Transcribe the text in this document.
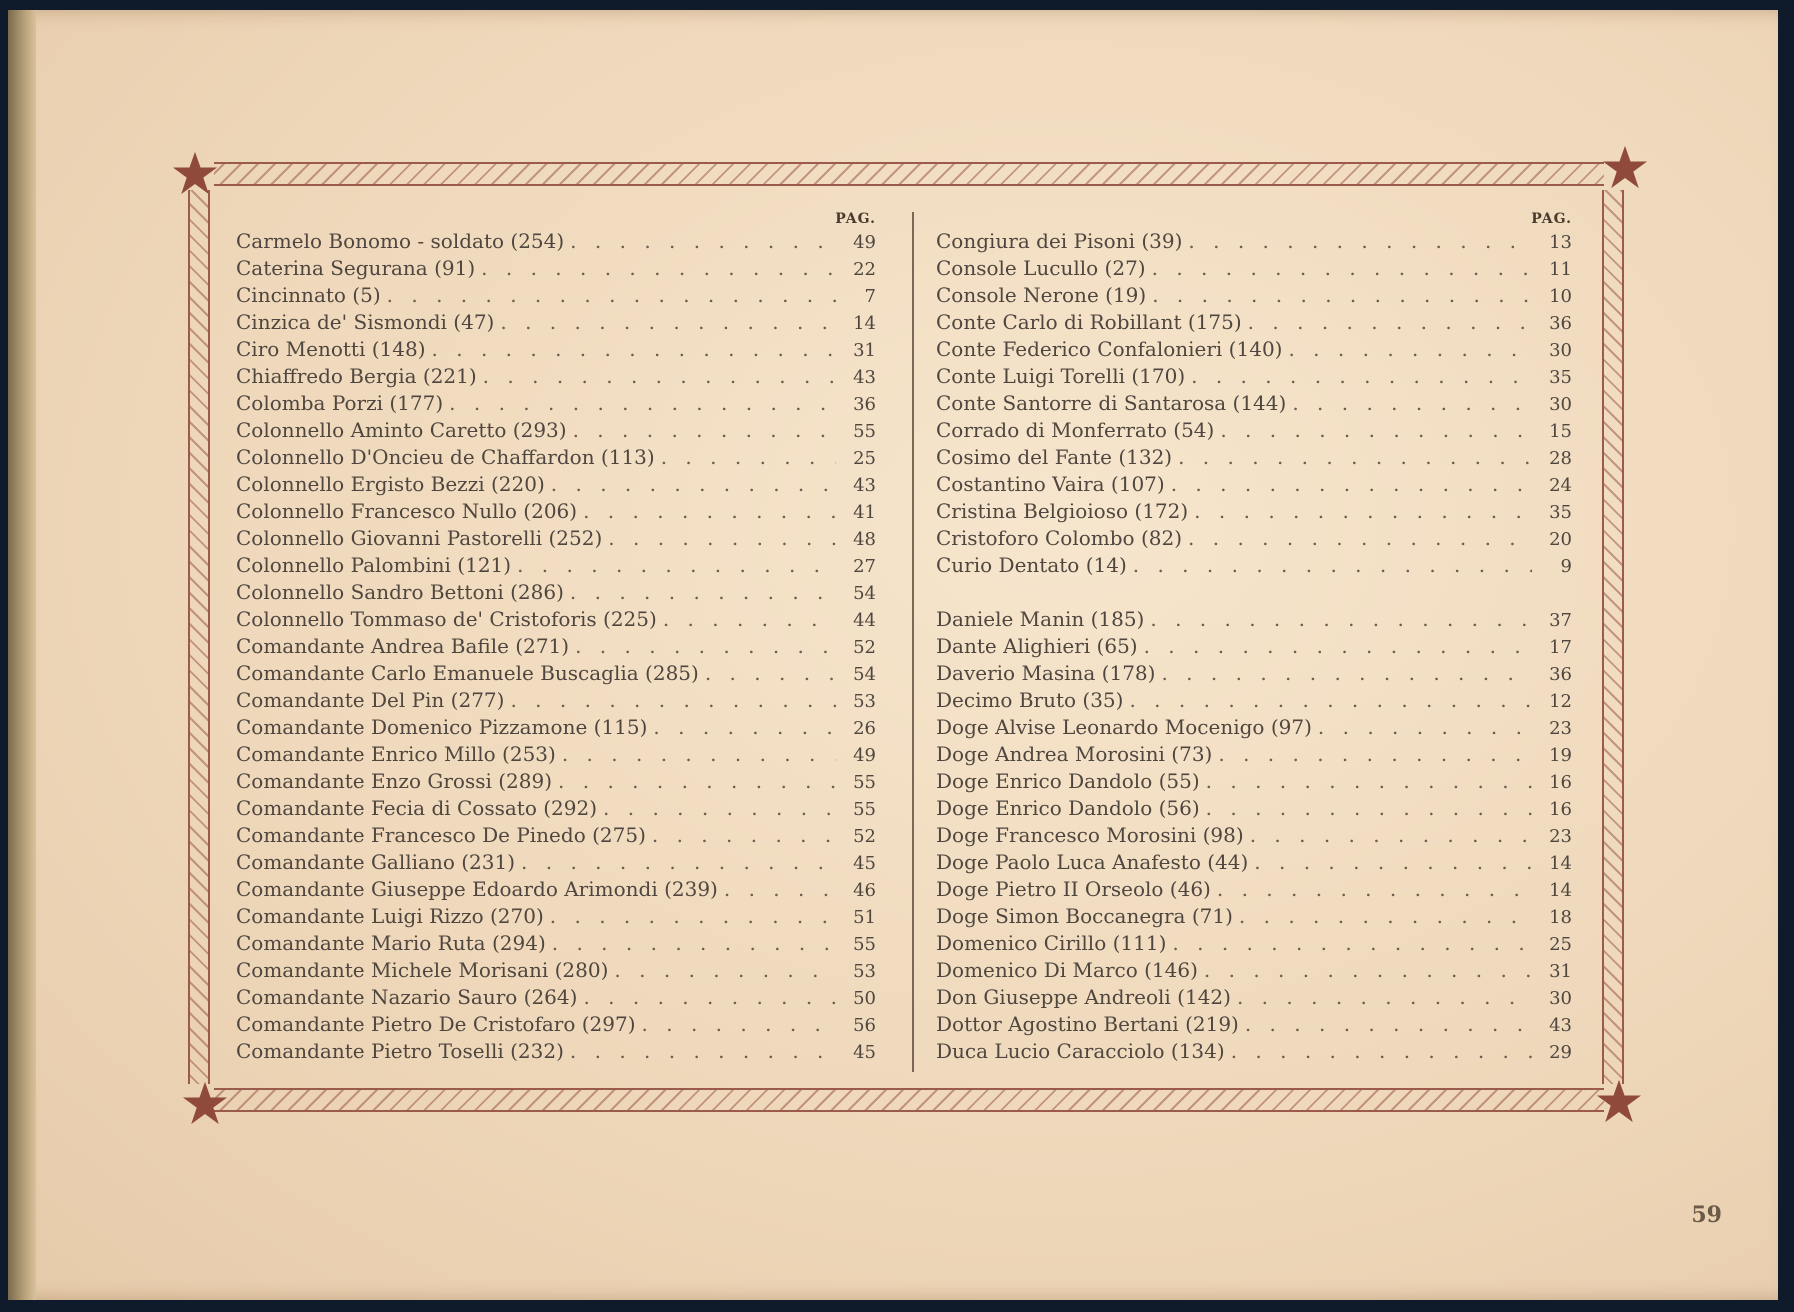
PAG.
Carmelo Bonomo - soldato (254) . . .	49
Caterina Segurana (91) . . .	22
Cincinnato (5) . . .	7
Cinzica de' Sismondi (47) . . .	14
Ciro Menotti (148) . . .	31
Chiaffredo Bergia (221) . . .	43
Colomba Porzi (177) . . .	36
Colonnello Aminto Caretto (293) . . .	55
Colonnello D'Oncieu de Chaffardon (113) . . .	25
Colonnello Ergisto Bezzi (220) . . .	43
Colonnello Francesco Nullo (206) . . .	41
Colonnello Giovanni Pastorelli (252) . . .	48
Colonnello Palombini (121) . . .	27
Colonnello Sandro Bettoni (286) . . .	54
Colonnello Tommaso de' Cristoforis (225) . . .	44
Comandante Andrea Bafile (271) . . .	52
Comandante Carlo Emanuele Buscaglia (285) . . .	54
Comandante Del Pin (277) . . .	53
Comandante Domenico Pizzamone (115) . . .	26
Comandante Enrico Millo (253) . . .	49
Comandante Enzo Grossi (289) . . .	55
Comandante Fecia di Cossato (292) . . .	55
Comandante Francesco De Pinedo (275) . . .	52
Comandante Galliano (231) . . .	45
Comandante Giuseppe Edoardo Arimondi (239) . . .	46
Comandante Luigi Rizzo (270) . . .	51
Comandante Mario Ruta (294) . . .	55
Comandante Michele Morisani (280) . . .	53
Comandante Nazario Sauro (264) . . .	50
Comandante Pietro De Cristofaro (297) . . .	56
Comandante Pietro Toselli (232) . . .	45
PAG.
Congiura dei Pisoni (39) . . .	13
Console Lucullo (27) . . .	11
Console Nerone (19) . . .	10
Conte Carlo di Robillant (175) . . .	36
Conte Federico Confalonieri (140) . . .	30
Conte Luigi Torelli (170) . . .	35
Conte Santorre di Santarosa (144) . . .	30
Corrado di Monferrato (54) . . .	15
Cosimo del Fante (132) . . .	28
Costantino Vaira (107) . . .	24
Cristina Belgioioso (172) . . .	35
Cristoforo Colombo (82) . . .	20
Curio Dentato (14) . . .	9
Daniele Manin (185) . . .	37
Dante Alighieri (65) . . .	17
Daverio Masina (178) . . .	36
Decimo Bruto (35) . . .	12
Doge Alvise Leonardo Mocenigo (97) . . .	23
Doge Andrea Morosini (73) . . .	19
Doge Enrico Dandolo (55) . . .	16
Doge Enrico Dandolo (56) . . .	16
Doge Francesco Morosini (98) . . .	23
Doge Paolo Luca Anafesto (44) . . .	14
Doge Pietro II Orseolo (46) . . .	14
Doge Simon Boccanegra (71) . . .	18
Domenico Cirillo (111) . . .	25
Domenico Di Marco (146) . . .	31
Don Giuseppe Andreoli (142) . . .	30
Dottor Agostino Bertani (219) . . .	43
Duca Lucio Caracciolo (134) . . .	29
59
